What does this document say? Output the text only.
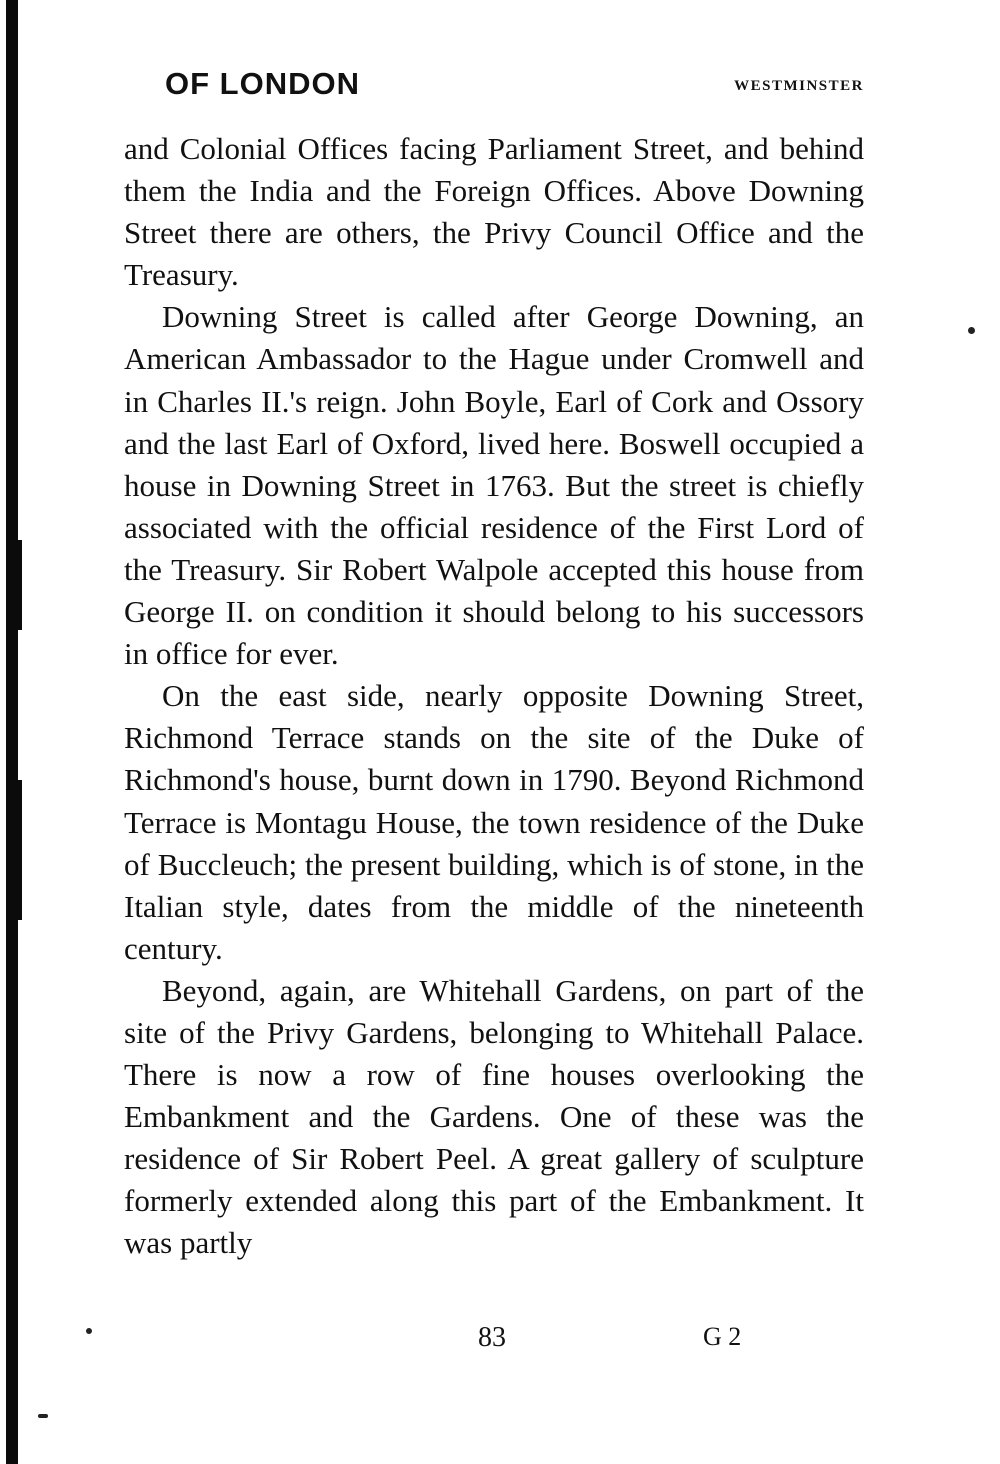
OF LONDON	WESTMINSTER

and Colonial Offices facing Parliament Street, and behind them the India and the Foreign Offices. Above Downing Street there are others, the Privy Council Office and the Treasury.

Downing Street is called after George Downing, an American Ambassador to the Hague under Cromwell and in Charles II.'s reign. John Boyle, Earl of Cork and Ossory and the last Earl of Oxford, lived here. Boswell occupied a house in Downing Street in 1763. But the street is chiefly associated with the official residence of the First Lord of the Treasury. Sir Robert Walpole accepted this house from George II. on condition it should belong to his successors in office for ever.

On the east side, nearly opposite Downing Street, Richmond Terrace stands on the site of the Duke of Richmond's house, burnt down in 1790. Beyond Richmond Terrace is Montagu House, the town residence of the Duke of Buccleuch; the present building, which is of stone, in the Italian style, dates from the middle of the nineteenth century.

Beyond, again, are Whitehall Gardens, on part of the site of the Privy Gardens, belonging to Whitehall Palace. There is now a row of fine houses overlooking the Embankment and the Gardens. One of these was the residence of Sir Robert Peel. A great gallery of sculpture formerly extended along this part of the Embankment. It was partly

83	G 2
